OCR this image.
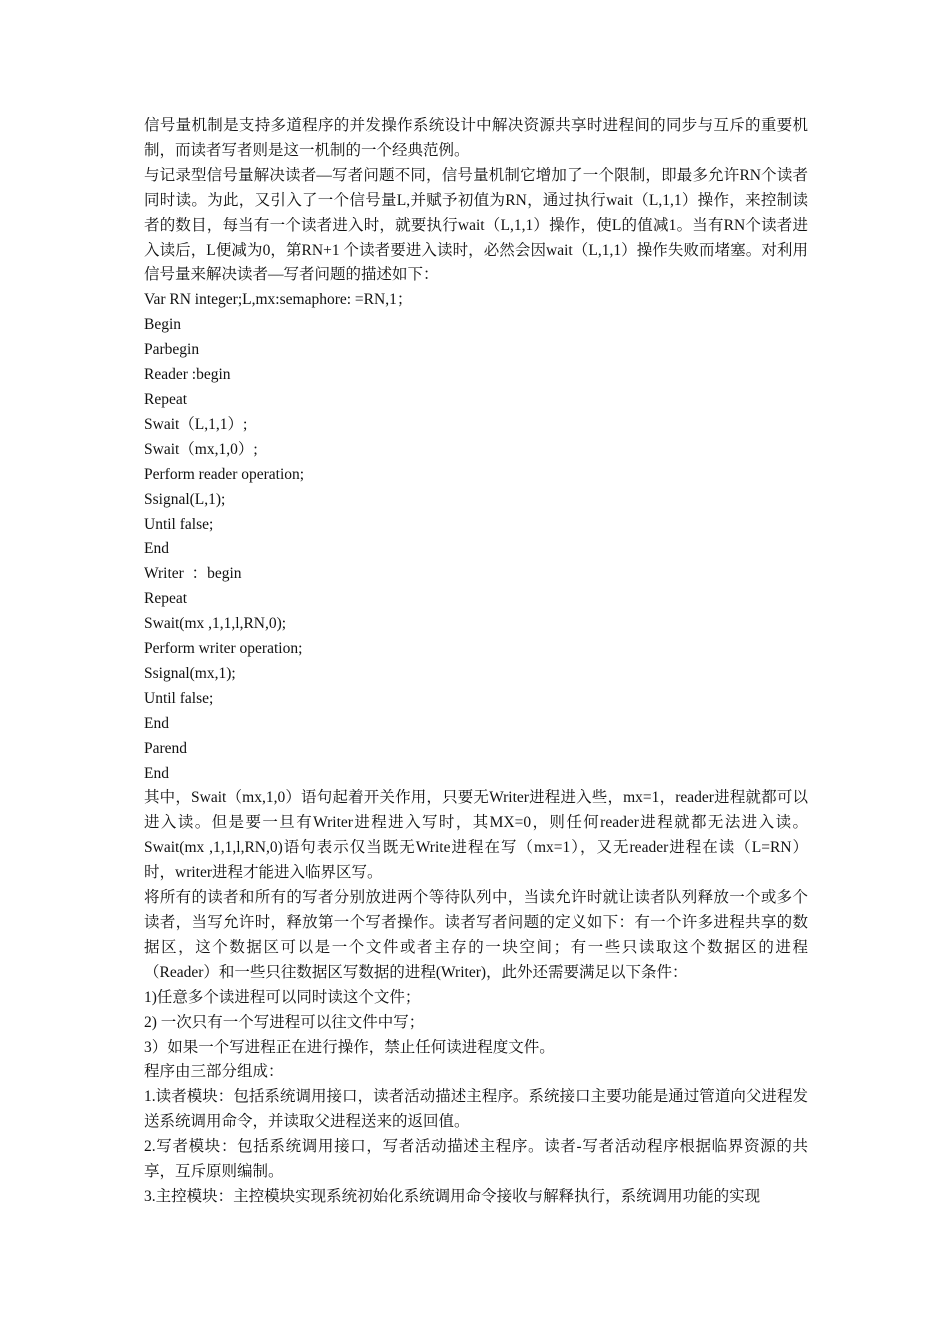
信号量机制是支持多道程序的并发操作系统设计中解决资源共享时进程间的同步与互斥的重要机制，而读者写者则是这一机制的一个经典范例。

与记录型信号量解决读者—写者问题不同，信号量机制它增加了一个限制，即最多允许RN个读者同时读。为此，又引入了一个信号量L,并赋予初值为RN，通过执行wait（L,1,1）操作，来控制读者的数目，每当有一个读者进入时，就要执行wait（L,1,1）操作，使L的值减1。当有RN个读者进入读后，L便减为0，第RN+1 个读者要进入读时，必然会因wait（L,1,1）操作失败而堵塞。对利用信号量来解决读者—写者问题的描述如下：

Var RN integer;L,mx:semaphore: =RN,1；

Begin

Parbegin

Reader :begin

Repeat

Swait（L,1,1）;

Swait（mx,1,0）;

Perform reader operation;

Ssignal(L,1);

Until false;

End

Writer  ：begin

Repeat

Swait(mx ,1,1,l,RN,0);

Perform writer operation;

Ssignal(mx,1);

Until false;

End

Parend

End

其中，Swait（mx,1,0）语句起着开关作用，只要无Writer进程进入些，mx=1，reader进程就都可以进入读。但是要一旦有Writer进程进入写时，其MX=0，则任何reader进程就都无法进入读。Swait(mx ,1,1,l,RN,0)语句表示仅当既无Write进程在写（mx=1），又无reader进程在读（L=RN）时，writer进程才能进入临界区写。

将所有的读者和所有的写者分别放进两个等待队列中，当读允许时就让读者队列释放一个或多个读者，当写允许时，释放第一个写者操作。读者写者问题的定义如下：有一个许多进程共享的数据区，这个数据区可以是一个文件或者主存的一块空间；有一些只读取这个数据区的进程（Reader）和一些只往数据区写数据的进程(Writer)，此外还需要满足以下条件：

1)任意多个读进程可以同时读这个文件；

2) 一次只有一个写进程可以往文件中写；

3）如果一个写进程正在进行操作，禁止任何读进程度文件。

程序由三部分组成：

1.读者模块：包括系统调用接口，读者活动描述主程序。系统接口主要功能是通过管道向父进程发送系统调用命令，并读取父进程送来的返回值。

2.写者模块：包括系统调用接口，写者活动描述主程序。读者-写者活动程序根据临界资源的共享，互斥原则编制。

3.主控模块：主控模块实现系统初始化系统调用命令接收与解释执行，系统调用功能的实现
